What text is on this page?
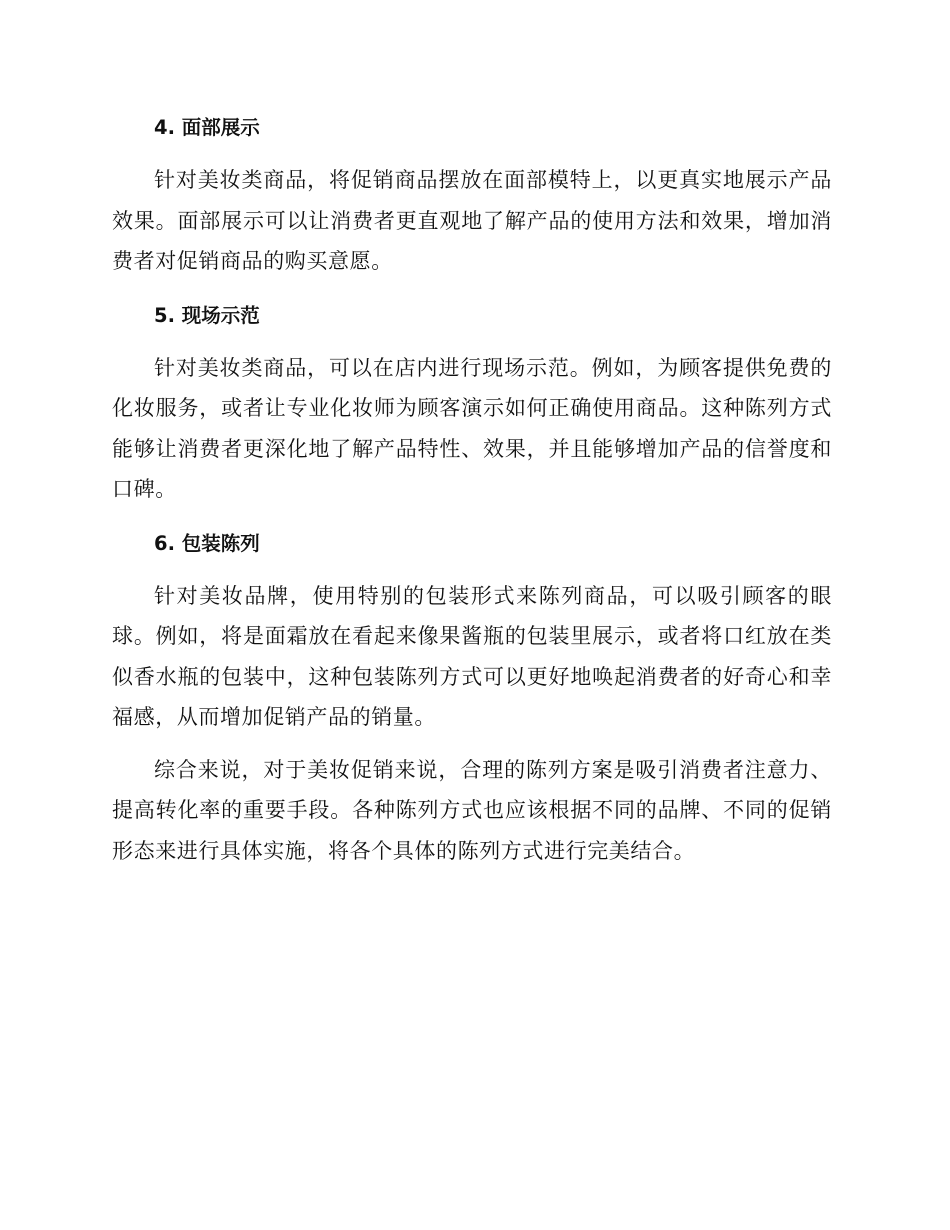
4. 面部展示

针对美妆类商品，将促销商品摆放在面部模特上，以更真实地展示产品效果。面部展示可以让消费者更直观地了解产品的使用方法和效果，增加消费者对促销商品的购买意愿。

5. 现场示范

针对美妆类商品，可以在店内进行现场示范。例如，为顾客提供免费的化妆服务，或者让专业化妆师为顾客演示如何正确使用商品。这种陈列方式能够让消费者更深化地了解产品特性、效果，并且能够增加产品的信誉度和口碑。

6. 包装陈列

针对美妆品牌，使用特别的包装形式来陈列商品，可以吸引顾客的眼球。例如，将是面霜放在看起来像果酱瓶的包装里展示，或者将口红放在类似香水瓶的包装中，这种包装陈列方式可以更好地唤起消费者的好奇心和幸福感，从而增加促销产品的销量。

综合来说，对于美妆促销来说，合理的陈列方案是吸引消费者注意力、提高转化率的重要手段。各种陈列方式也应该根据不同的品牌、不同的促销形态来进行具体实施，将各个具体的陈列方式进行完美结合。
